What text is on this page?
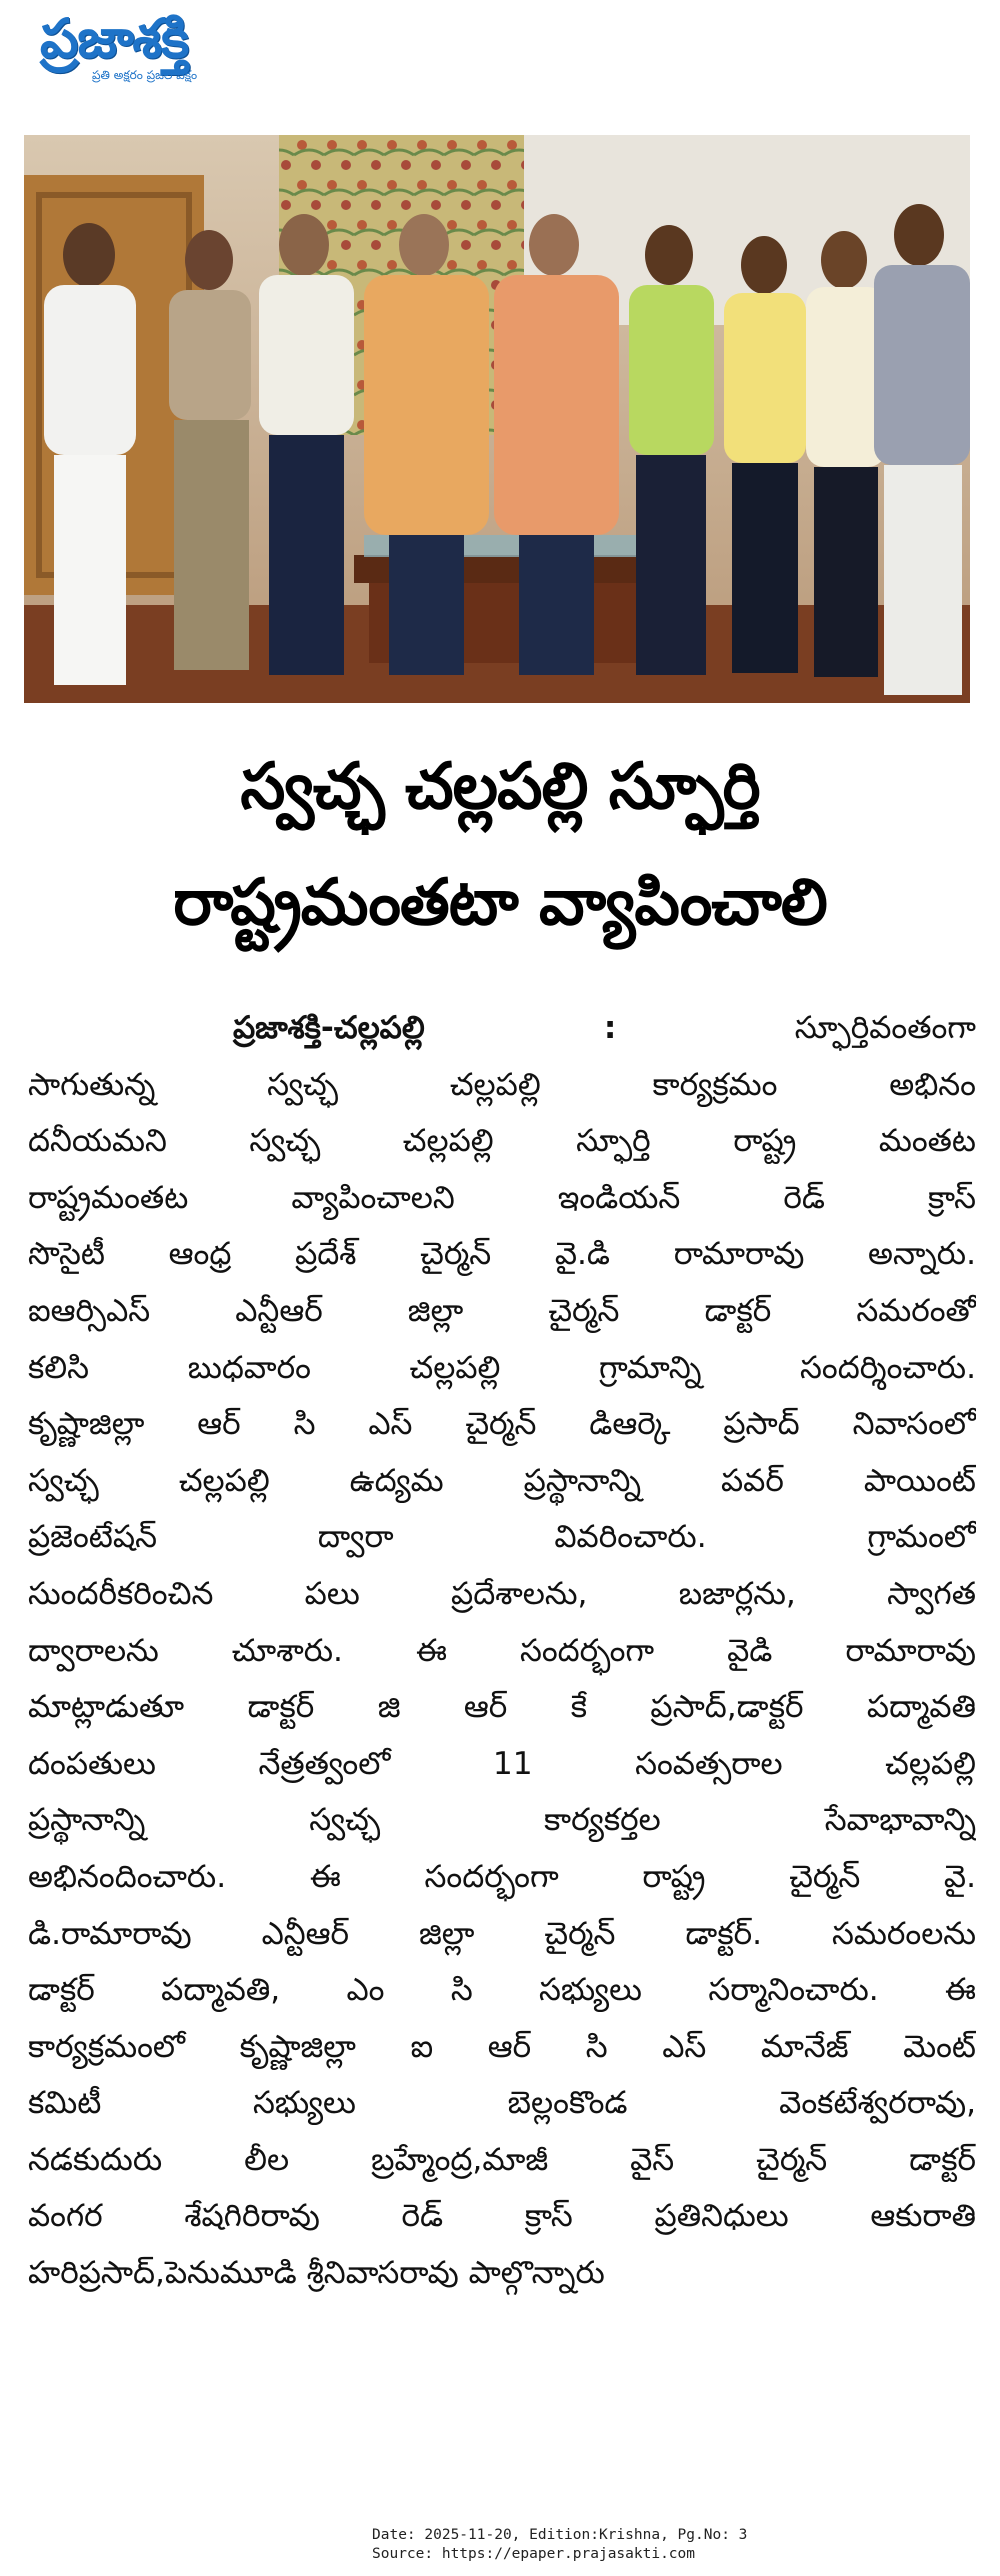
ప్రజాశక్తి
ప్రతి అక్షరం ప్రజల పక్షం
స్వచ్ఛ చల్లపల్లి స్ఫూర్తి
రాష్ట్రమంతటా వ్యాపించాలి
ప్రజాశక్తి-చల్లపల్లి :	స్ఫూర్తివంతంగా
సాగుతున్న స్వచ్ఛ చల్లపల్లి కార్యక్రమం అభినం
దనీయమని స్వచ్ఛ చల్లపల్లి స్ఫూర్తి రాష్ట్ర మంతట
రాష్ట్రమంతట వ్యాపించాలని ఇండియన్ రెడ్ క్రాస్
సొసైటీ ఆంధ్ర ప్రదేశ్ చైర్మన్ వై.డి రామారావు అన్నారు.
ఐఆర్సిఎస్ ఎన్టీఆర్ జిల్లా చైర్మన్ డాక్టర్ సమరంతో
కలిసి బుధవారం చల్లపల్లి గ్రామాన్ని సందర్శించారు.
కృష్ణాజిల్లా ఆర్ సి ఎస్ చైర్మన్ డిఆర్కె ప్రసాద్ నివాసంలో
స్వచ్ఛ చల్లపల్లి ఉద్యమ ప్రస్థానాన్ని పవర్ పాయింట్
ప్రజెంటేషన్ ద్వారా వివరించారు. గ్రామంలో
సుందరీకరించిన పలు ప్రదేశాలను, బజార్లను, స్వాగత
ద్వారాలను చూశారు. ఈ సందర్భంగా వైడి రామారావు
మాట్లాడుతూ డాక్టర్ జి ఆర్ కే ప్రసాద్,డాక్టర్ పద్మావతి
దంపతులు నేత్రత్వంలో 11 సంవత్సరాల చల్లపల్లి
ప్రస్థానాన్ని స్వచ్ఛ కార్యకర్తల సేవాభావాన్ని
అభినందించారు. ఈ సందర్భంగా రాష్ట్ర చైర్మన్ వై.
డి.రామారావు ఎన్టీఆర్ జిల్లా చైర్మన్ డాక్టర్. సమరంలను
డాక్టర్ పద్మావతి, ఎం సి సభ్యులు సర్మానించారు. ఈ
కార్యక్రమంలో కృష్ణాజిల్లా ఐ ఆర్ సి ఎస్ మానేజ్ మెంట్
కమిటీ సభ్యులు బెల్లంకొండ వెంకటేశ్వరరావు,
నడకుదురు లీల బ్రహ్మేంద్ర,మాజీ వైస్ చైర్మన్ డాక్టర్
వంగర శేషగిరిరావు రెడ్ క్రాస్ ప్రతినిధులు ఆకురాతి
హరిప్రసాద్,పెనుమూడి శ్రీనివాసరావు పాల్గొన్నారు
Date: 2025-11-20, Edition:Krishna, Pg.No: 3
Source: https://epaper.prajasakti.com
